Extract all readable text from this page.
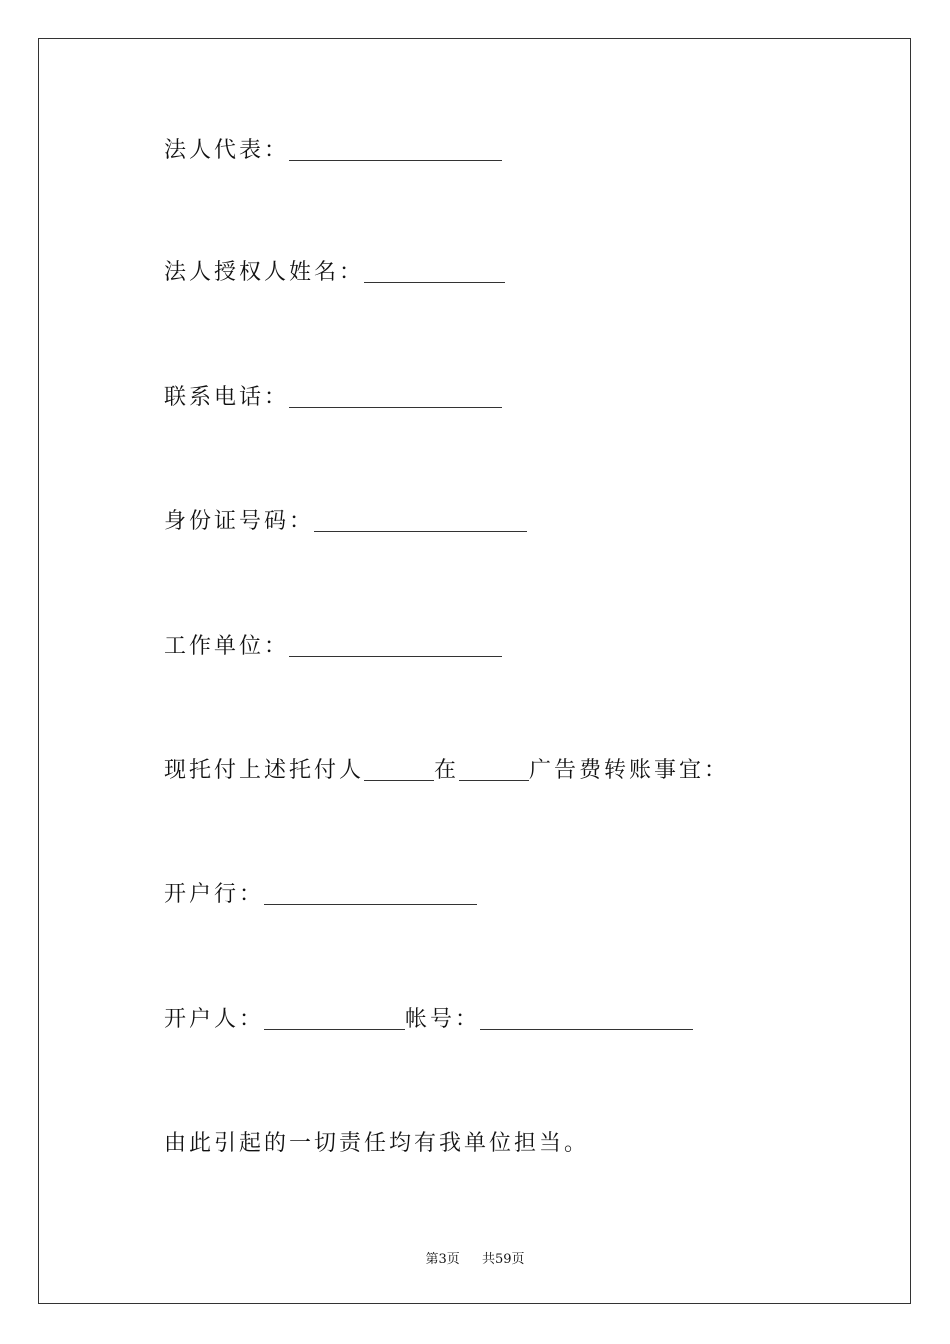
法人代表：
法人授权人姓名：
联系电话：
身份证号码：
工作单位：
现托付上述托付人	在	广告费转账事宜：
开户行：
开户人：	帐号：
由此引起的一切责任均有我单位担当。
第3页 共59页
